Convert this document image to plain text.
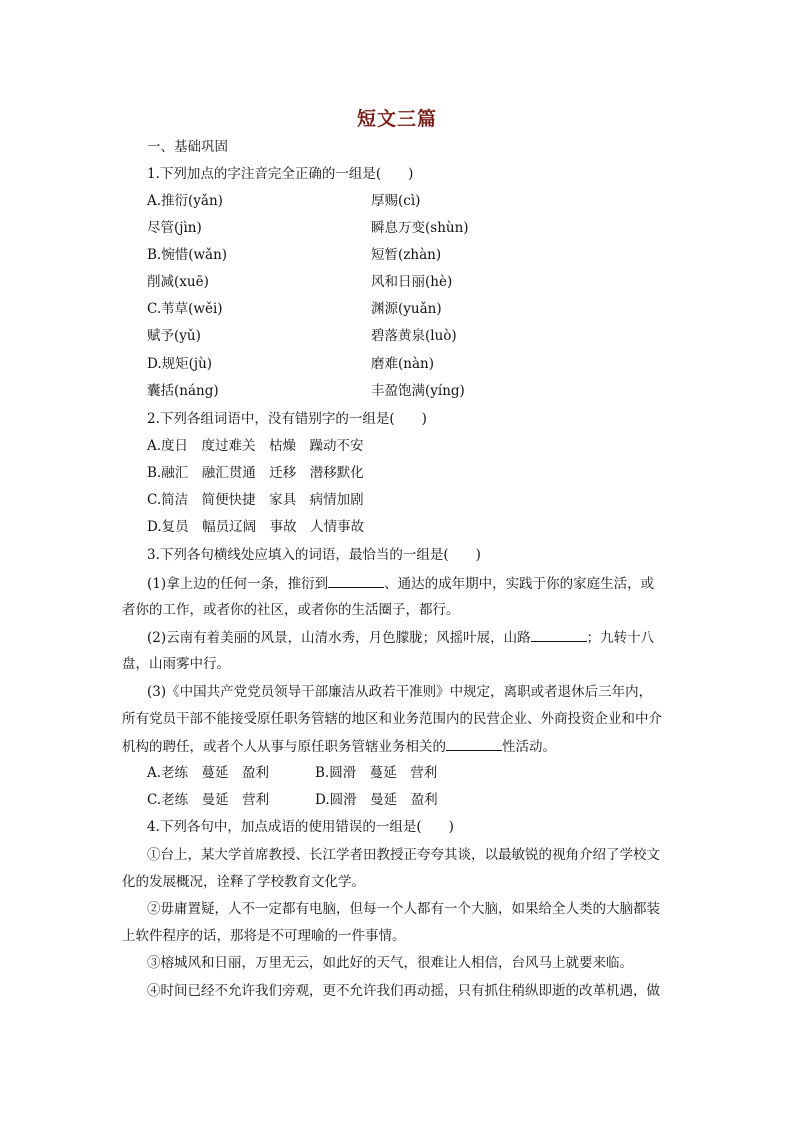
短文三篇
一、基础巩固
1.下列加点的字注音完全正确的一组是(　　)
A.推衍(yǎn)	厚赐(cì)
尽管(jìn)	瞬息万变(shùn)
B.惋惜(wǎn)	短暂(zhàn)
削减(xuē)	风和日丽(hè)
C.苇草(wěi)	渊源(yuǎn)
赋予(yǔ)	碧落黄泉(luò)
D.规矩(jù)	磨难(nàn)
囊括(náng)	丰盈饱满(yíng)
2.下列各组词语中，没有错别字的一组是(　　)
A.度日　度过难关　枯燥　躁动不安
B.融汇　融汇贯通　迁移　潜移默化
C.简洁　简便快捷　家具　病情加剧
D.复员　幅员辽阔　事故　人情事故
3.下列各句横线处应填入的词语，最恰当的一组是(　　)
(1)拿上边的任何一条，推衍到	、通达的成年期中，实践于你的家庭生活，或
者你的工作，或者你的社区，或者你的生活圈子，都行。
(2)云南有着美丽的风景，山清水秀，月色朦胧；风摇叶展，山路	；九转十八
盘，山雨雾中行。
(3)《中国共产党党员领导干部廉洁从政若干准则》中规定，离职或者退休后三年内，
所有党员干部不能接受原任职务管辖的地区和业务范围内的民营企业、外商投资企业和中介
机构的聘任，或者个人从事与原任职务管辖业务相关的	性活动。
A.老练　蔓延　盈利	B.圆滑　蔓延　营利
C.老练　曼延　营利	D.圆滑　曼延　盈利
4.下列各句中，加点成语的使用错误的一组是(　　)
①台上，某大学首席教授、长江学者田教授正夸夸其谈，以最敏锐的视角介绍了学校文
化的发展概况，诠释了学校教育文化学。
②毋庸置疑，人不一定都有电脑，但每一个人都有一个大脑，如果给全人类的大脑都装
上软件程序的话，那将是不可理喻的一件事情。
③榕城风和日丽，万里无云，如此好的天气，很难让人相信，台风马上就要来临。
④时间已经不允许我们旁观，更不允许我们再动摇，只有抓住稍纵即逝的改革机遇，做
